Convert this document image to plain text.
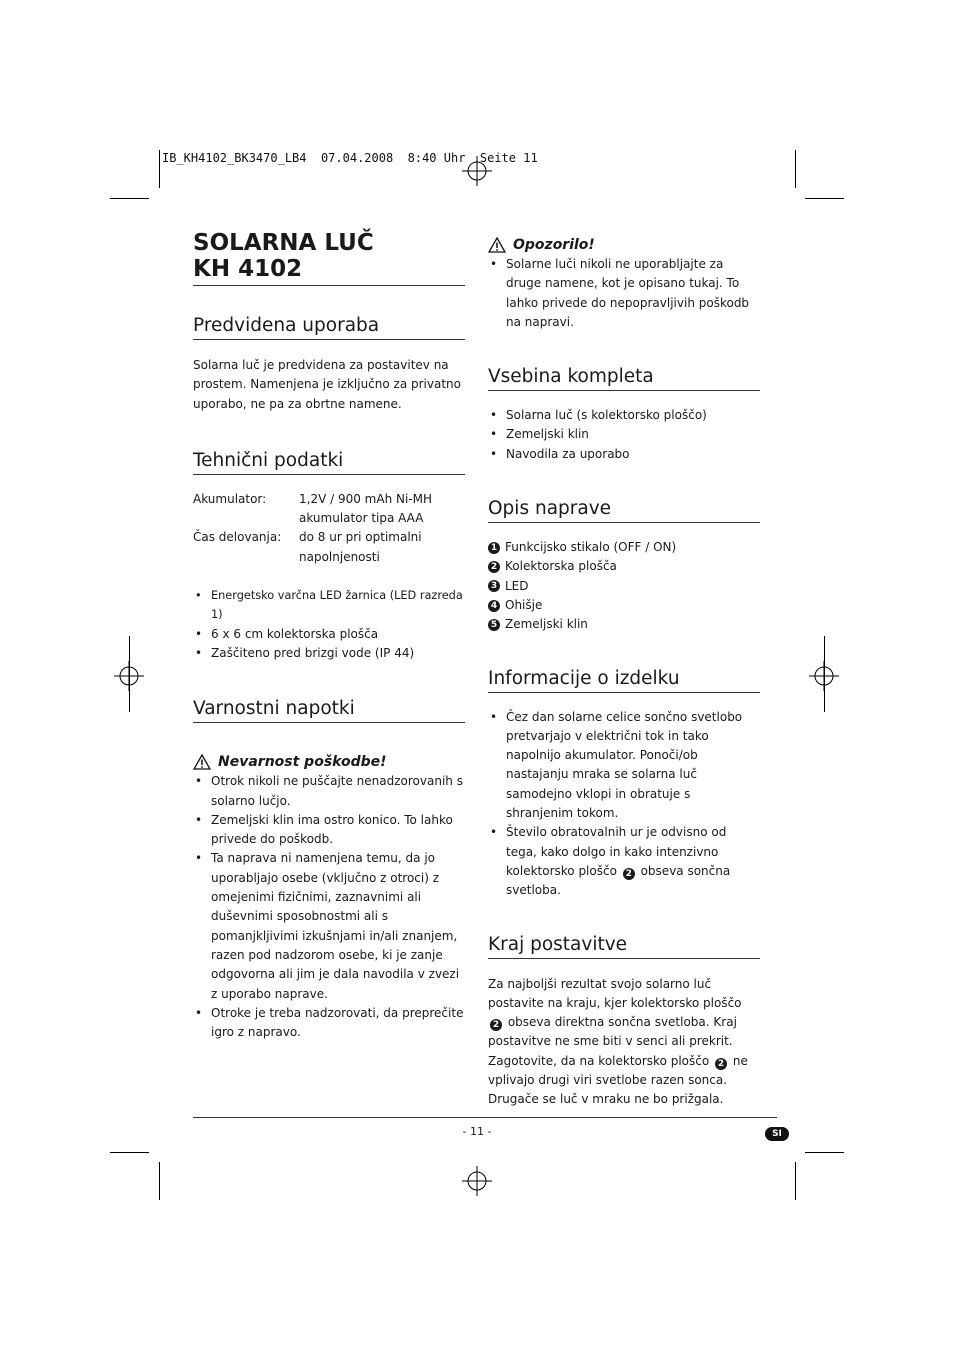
IB_KH4102_BK3470_LB4  07.04.2008  8:40 Uhr  Seite 11
SOLARNA LUČ
KH 4102
Predvidena uporaba

Solarna luč je predvidena za postavitev na prostem. Namenjena je izključno za privatno uporabo, ne pa za obrtne namene.

Tehnični podatki
Akumulator:	1,2V / 900 mAh Ni-MH akumulator tipa AAA
Čas delovanja:	do 8 ur pri optimalni napolnjenosti
• Energetsko varčna LED žarnica (LED razreda 1)
• 6 x 6 cm kolektorska plošča
• Zaščiteno pred brizgi vode (IP 44)
Varnostni napotki
Nevarnost poškodbe!
• Otrok nikoli ne puščajte nenadzorovanih s solarno lučjo.
• Zemeljski klin ima ostro konico. To lahko privede do poškodb.
• Ta naprava ni namenjena temu, da jo uporabljajo osebe (vključno z otroci) z omejenimi fizičnimi, zaznavnimi ali duševnimi sposobnostmi ali s pomanjkljivimi izkušnjami in/ali znanjem, razen pod nadzorom osebe, ki je zanje odgovorna ali jim je dala navodila v zvezi z uporabo naprave.
• Otroke je treba nadzorovati, da preprečite igro z napravo.
Opozorilo!
• Solarne luči nikoli ne uporabljajte za druge namene, kot je opisano tukaj. To lahko privede do nepopravljivih poškodb na napravi.
Vsebina kompleta
• Solarna luč (s kolektorsko ploščo)
• Zemeljski klin
• Navodila za uporabo
Opis naprave
1 Funkcijsko stikalo (OFF / ON)
2 Kolektorska plošča
3 LED
4 Ohišje
5 Zemeljski klin
Informacije o izdelku
• Čez dan solarne celice sončno svetlobo pretvarjajo v električni tok in tako napolnijo akumulator. Ponoči/ob nastajanju mraka se solarna luč samodejno vklopi in obratuje s shranjenim tokom.
• Število obratovalnih ur je odvisno od tega, kako dolgo in kako intenzivno kolektorsko ploščo 2 obseva sončna svetloba.
Kraj postavitve

Za najboljši rezultat svojo solarno luč postavite na kraju, kjer kolektorsko ploščo 2 obseva direktna sončna svetloba. Kraj postavitve ne sme biti v senci ali prekrit. Zagotovite, da na kolektorsko ploščo 2 ne vplivajo drugi viri svetlobe razen sonca. Drugače se luč v mraku ne bo prižgala.

- 11 -	SI
